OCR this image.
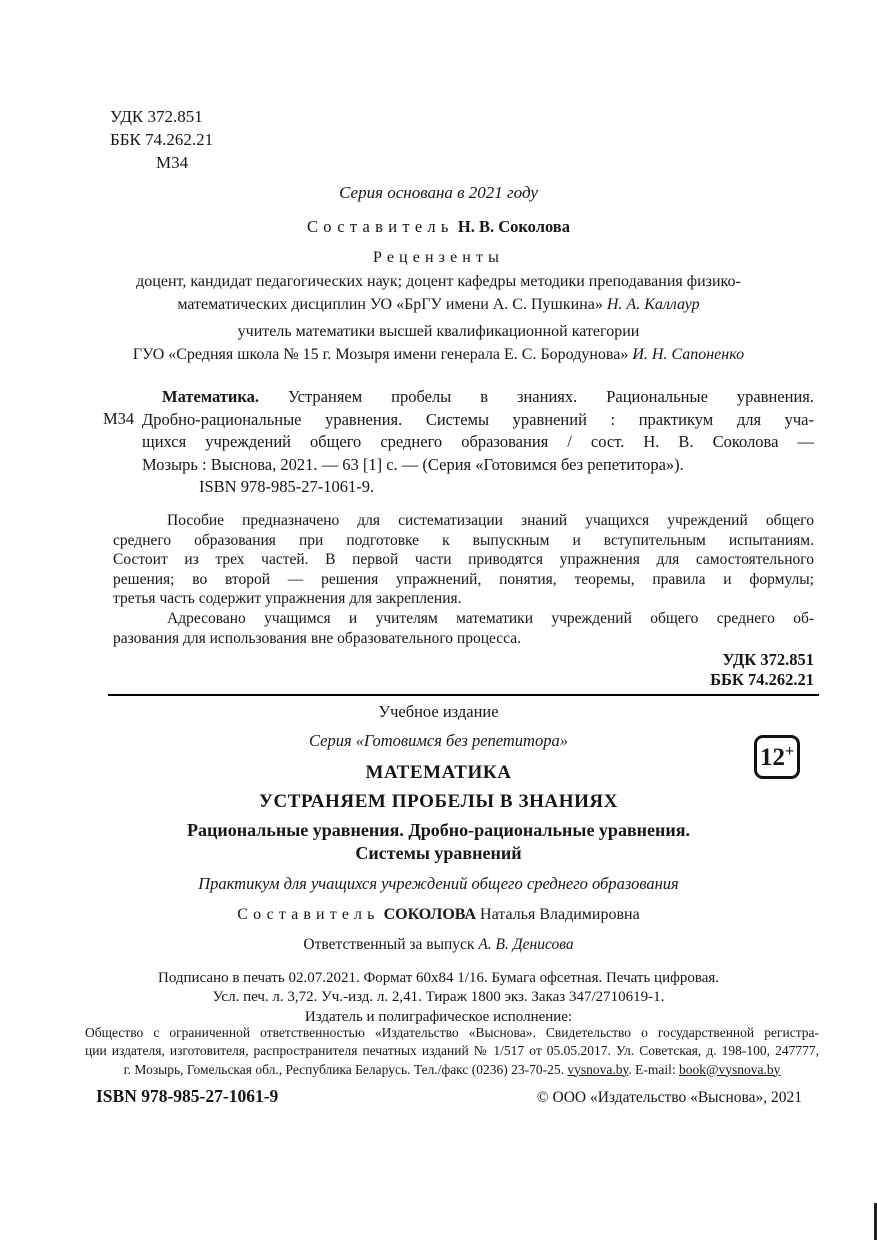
УДК 372.851
ББК 74.262.21
М34
Серия основана в 2021 году
Составитель Н. В. Соколова
Рецензенты
доцент, кандидат педагогических наук; доцент кафедры методики преподавания физико-
математических дисциплин УО «БрГУ имени А. С. Пушкина» Н. А. Каллаур
учитель математики высшей квалификационной категории
ГУО «Средняя школа № 15 г. Мозыря имени генерала Е. С. Бородунова» И. Н. Сапоненко
М34
Математика. Устраняем пробелы в знаниях. Рациональные уравнения.
Дробно-рациональные уравнения. Системы уравнений : практикум для уча-
щихся учреждений общего среднего образования / сост. Н. В. Соколова —
Мозырь : Выснова, 2021. — 63 [1] с. — (Серия «Готовимся без репетитора»).
ISBN 978-985-27-1061-9.
Пособие предназначено для систематизации знаний учащихся учреждений общего
среднего образования при подготовке к выпускным и вступительным испытаниям.
Состоит из трех частей. В первой части приводятся упражнения для самостоятельного
решения; во второй — решения упражнений, понятия, теоремы, правила и формулы;
третья часть содержит упражнения для закрепления.
Адресовано учащимся и учителям математики учреждений общего среднего об-
разования для использования вне образовательного процесса.
УДК 372.851
ББК 74.262.21
Учебное издание
Серия «Готовимся без репетитора»
12 +
МАТЕМАТИКА
УСТРАНЯЕМ ПРОБЕЛЫ В ЗНАНИЯХ
Рациональные уравнения. Дробно-рациональные уравнения.
Системы уравнений
Практикум для учащихся учреждений общего среднего образования
Составитель СОКОЛОВА Наталья Владимировна
Ответственный за выпуск А. В. Денисова
Подписано в печать 02.07.2021. Формат 60х84 1/16. Бумага офсетная. Печать цифровая.
Усл. печ. л. 3,72. Уч.-изд. л. 2,41. Тираж 1800 экз. Заказ 347/2710619-1.
Издатель и полиграфическое исполнение:
Общество с ограниченной ответственностью «Издательство «Выснова». Свидетельство о государственной регистра-
ции издателя, изготовителя, распространителя печатных изданий № 1/517 от 05.05.2017. Ул. Советская, д. 198-100, 247777,
г. Мозырь, Гомельская обл., Республика Беларусь. Тел./факс (0236) 23-70-25. vysnova.by. E-mail: book@vysnova.by
ISBN 978-985-27-1061-9	© ООО «Издательство «Выснова», 2021
